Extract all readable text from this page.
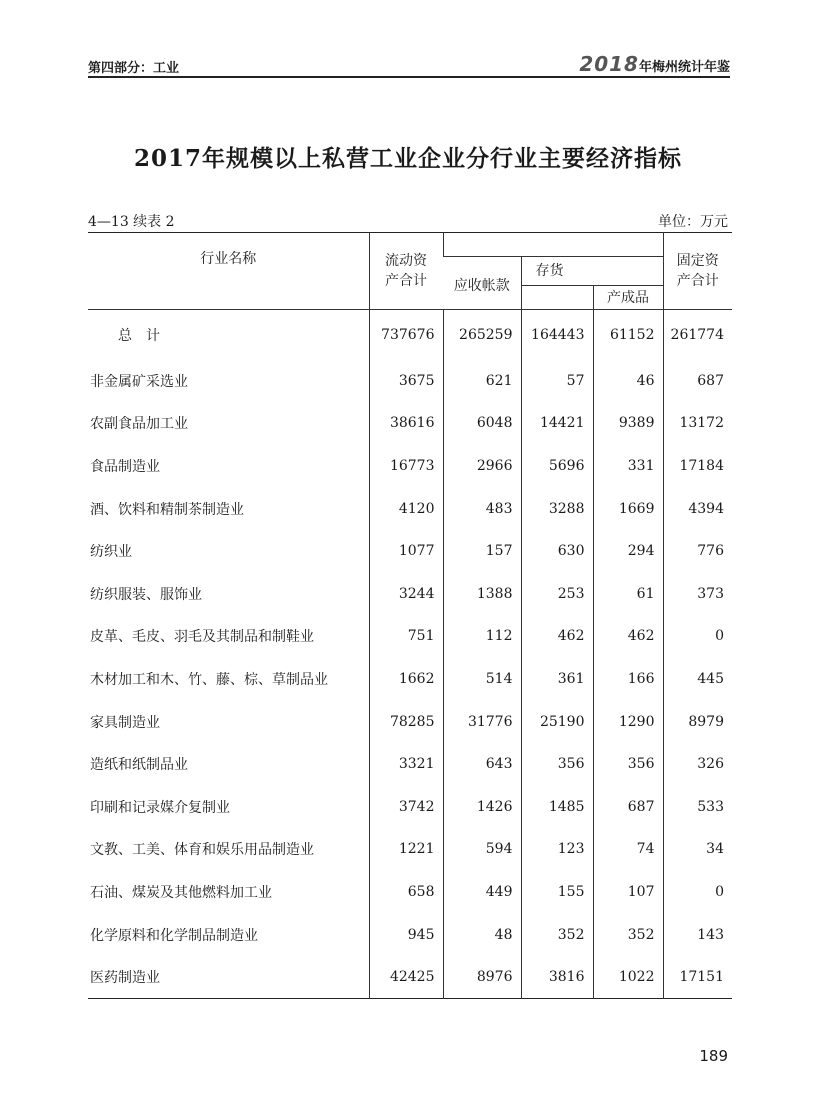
第四部分：工业	2018年梅州统计年鉴
2017年规模以上私营工业企业分行业主要经济指标
4—13 续表 2	单位：万元
行业名称	流动资产合计				固定资产合计
		应收帐款	存货		
				产成品	
总　计	737676	265259	164443	61152	261774
非金属矿采选业	3675	621	57	46	687
农副食品加工业	38616	6048	14421	9389	13172
食品制造业	16773	2966	5696	331	17184
酒、饮料和精制茶制造业	4120	483	3288	1669	4394
纺织业	1077	157	630	294	776
纺织服装、服饰业	3244	1388	253	61	373
皮革、毛皮、羽毛及其制品和制鞋业	751	112	462	462	0
木材加工和木、竹、藤、棕、草制品业	1662	514	361	166	445
家具制造业	78285	31776	25190	1290	8979
造纸和纸制品业	3321	643	356	356	326
印刷和记录媒介复制业	3742	1426	1485	687	533
文教、工美、体育和娱乐用品制造业	1221	594	123	74	34
石油、煤炭及其他燃料加工业	658	449	155	107	0
化学原料和化学制品制造业	945	48	352	352	143
医药制造业	42425	8976	3816	1022	17151
189
